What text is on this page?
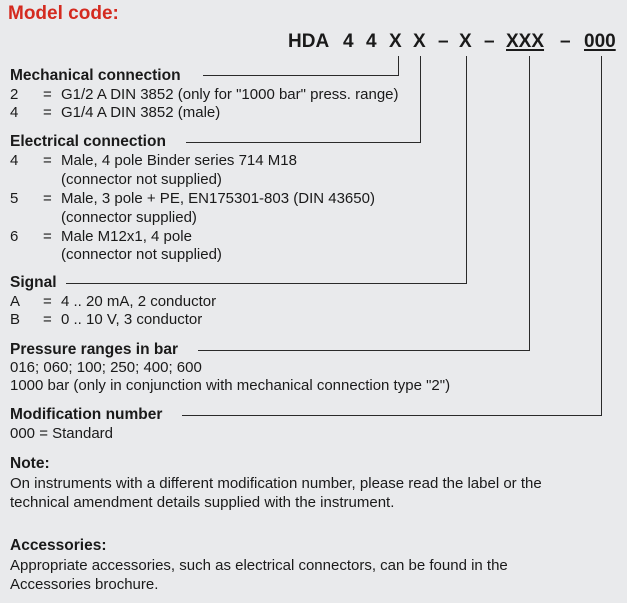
Model code:
HDA 4 4 X X – X – XXX – 000
Mechanical connection
2 = G1/2 A DIN 3852 (only for "1000 bar" press. range)
4 = G1/4 A DIN 3852 (male)
Electrical connection
4 = Male, 4 pole Binder series 714 M18
(connector not supplied)
5 = Male, 3 pole + PE, EN175301-803 (DIN 43650)
(connector supplied)
6 = Male M12x1, 4 pole
(connector not supplied)
Signal
A = 4 .. 20 mA, 2 conductor
B = 0 .. 10 V, 3 conductor
Pressure ranges in bar
016; 060; 100; 250; 400; 600
1000 bar (only in conjunction with mechanical connection type "2")
Modification number
000 = Standard
Note:
On instruments with a different modification number, please read the label or the
technical amendment details supplied with the instrument.
Accessories:
Appropriate accessories, such as electrical connectors, can be found in the
Accessories brochure.
